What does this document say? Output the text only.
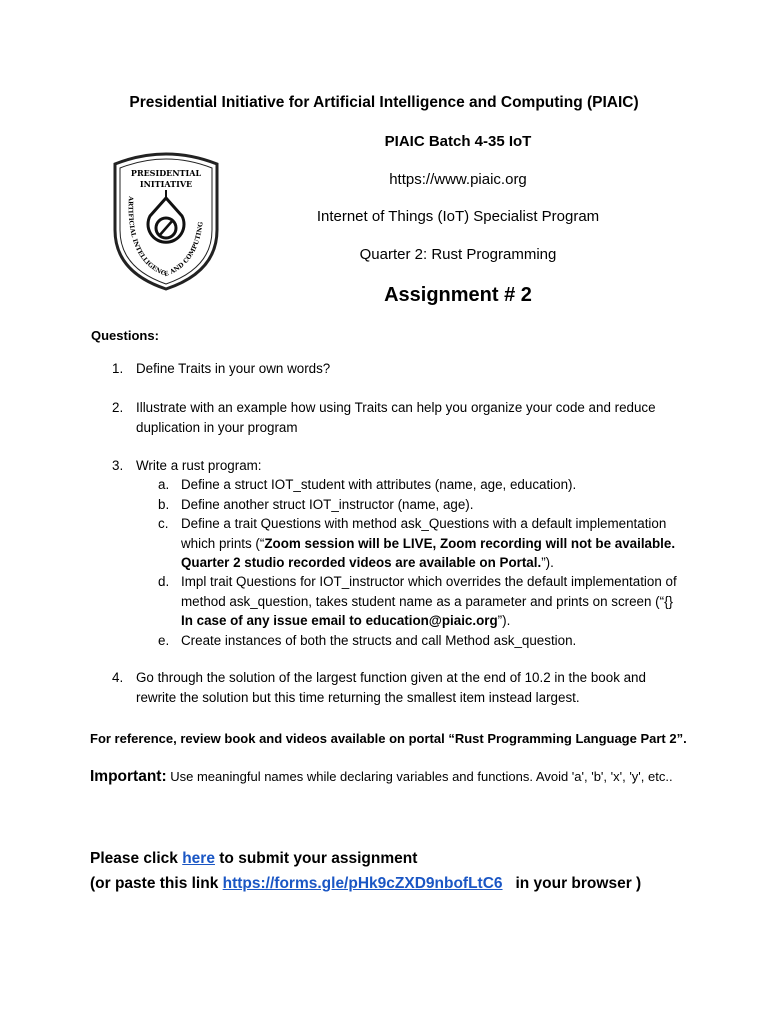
Presidential Initiative for Artificial Intelligence and Computing (PIAIC)
PRESIDENTIAL
INITIATIVE
ARTIFICIAL INTELLIGENCE AND COMPUTING
PIAIC Batch 4-35 IoT
https://www.piaic.org
Internet of Things (IoT) Specialist Program
Quarter 2: Rust Programming
Assignment # 2
Questions:
1. Define Traits in your own words?
2. Illustrate with an example how using Traits can help you organize your code and reduce duplication in your program
3. Write a rust program:
a. Define a struct IOT_student with attributes (name, age, education).
b. Define another struct IOT_instructor (name, age).
c. Define a trait Questions with method ask_Questions with a default implementation which prints (“Zoom session will be LIVE, Zoom recording will not be available. Quarter 2 studio recorded videos are available on Portal.”).
d. Impl trait Questions for IOT_instructor which overrides the default implementation of method ask_question, takes student name as a parameter and prints on screen (“{} In case of any issue email to education@piaic.org”).
e. Create instances of both the structs and call Method ask_question.
4. Go through the solution of the largest function given at the end of 10.2 in the book and rewrite the solution but this time returning the smallest item instead largest.
For reference, review book and videos available on portal “Rust Programming Language Part 2”.
Important: Use meaningful names while declaring variables and functions. Avoid 'a', 'b', 'x', 'y', etc..
Please click here to submit your assignment
(or paste this link https://forms.gle/pHk9cZXD9nbofLtC6   in your browser )
